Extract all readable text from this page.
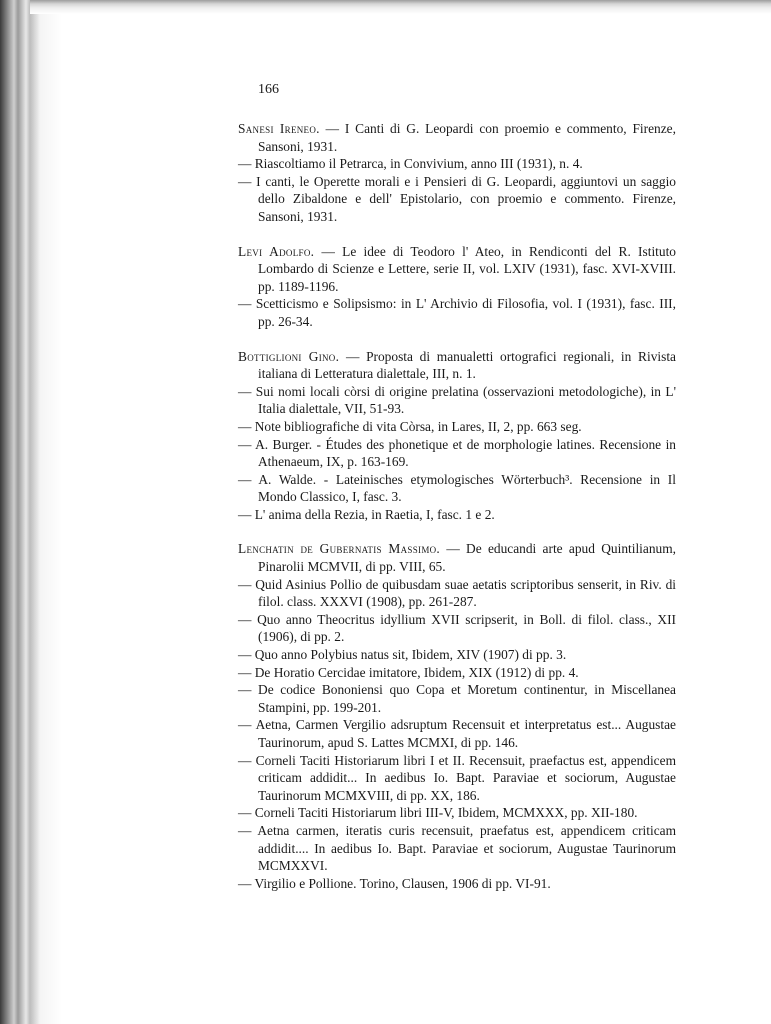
166

Sanesi Ireneo. — I Canti di G. Leopardi con proemio e commento, Firenze, Sansoni, 1931.

— Riascoltiamo il Petrarca, in Convivium, anno III (1931), n. 4.

— I canti, le Operette morali e i Pensieri di G. Leopardi, aggiuntovi un saggio dello Zibaldone e dell' Epistolario, con proemio e commento. Firenze, Sansoni, 1931.

Levi Adolfo. — Le idee di Teodoro l' Ateo, in Rendiconti del R. Istituto Lombardo di Scienze e Lettere, serie II, vol. LXIV (1931), fasc. XVI-XVIII. pp. 1189-1196.

— Scetticismo e Solipsismo: in L' Archivio di Filosofia, vol. I (1931), fasc. III, pp. 26-34.

Bottiglioni Gino. — Proposta di manualetti ortografici regionali, in Rivista italiana di Letteratura dialettale, III, n. 1.

— Sui nomi locali còrsi di origine prelatina (osservazioni metodologiche), in L' Italia dialettale, VII, 51-93.

— Note bibliografiche di vita Còrsa, in Lares, II, 2, pp. 663 seg.

— A. Burger. - Études des phonetique et de morphologie latines. Recensione in Athenaeum, IX, p. 163-169.

— A. Walde. - Lateinisches etymologisches Wörterbuch³. Recensione in Il Mondo Classico, I, fasc. 3.

— L' anima della Rezia, in Raetia, I, fasc. 1 e 2.

Lenchatin de Gubernatis Massimo. — De educandi arte apud Quintilianum, Pinarolii MCMVII, di pp. VIII, 65.

— Quid Asinius Pollio de quibusdam suae aetatis scriptoribus senserit, in Riv. di filol. class. XXXVI (1908), pp. 261-287.

— Quo anno Theocritus idyllium XVII scripserit, in Boll. di filol. class., XII (1906), di pp. 2.

— Quo anno Polybius natus sit, Ibidem, XIV (1907) di pp. 3.

— De Horatio Cercidae imitatore, Ibidem, XIX (1912) di pp. 4.

— De codice Bononiensi quo Copa et Moretum continentur, in Miscellanea Stampini, pp. 199-201.

— Aetna, Carmen Vergilio adsruptum Recensuit et interpretatus est... Augustae Taurinorum, apud S. Lattes MCMXI, di pp. 146.

— Corneli Taciti Historiarum libri I et II. Recensuit, praefactus est, appendicem criticam addidit... In aedibus Io. Bapt. Paraviae et sociorum, Augustae Taurinorum MCMXVIII, di pp. XX, 186.

— Corneli Taciti Historiarum libri III-V, Ibidem, MCMXXX, pp. XII-180.

— Aetna carmen, iteratis curis recensuit, praefatus est, appendicem criticam addidit.... In aedibus Io. Bapt. Paraviae et sociorum, Augustae Taurinorum MCMXXVI.

— Virgilio e Pollione. Torino, Clausen, 1906 di pp. VI-91.
